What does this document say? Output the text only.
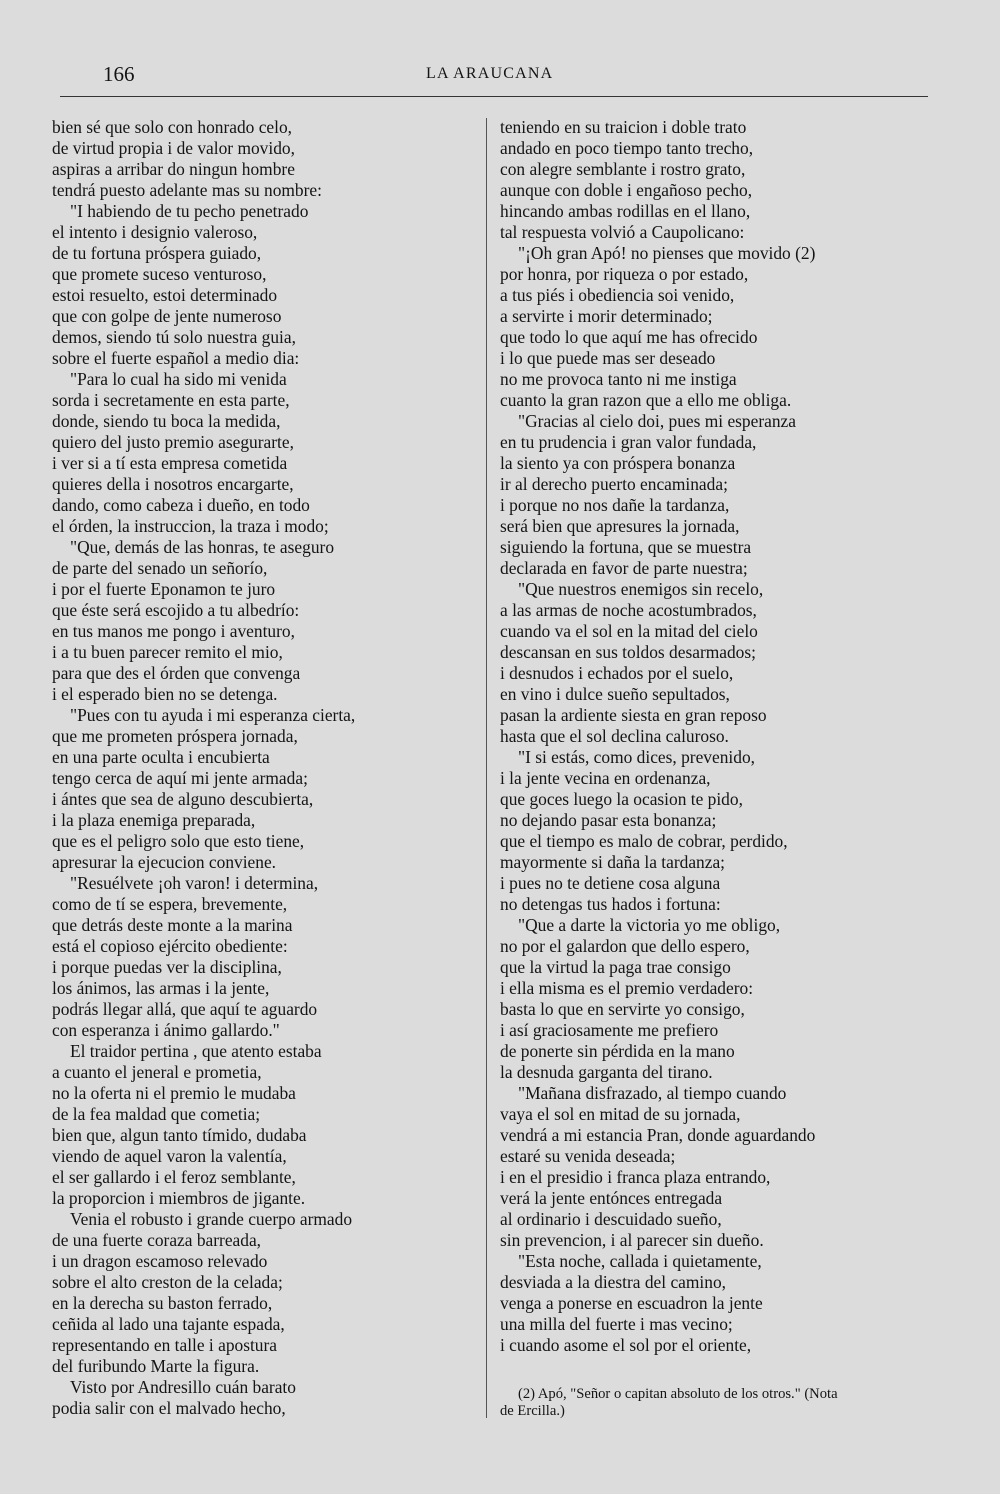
166	LA ARAUCANA
bien sé que solo con honrado celo,
de virtud propia i de valor movido,
aspiras a arribar do ningun hombre
tendrá puesto adelante mas su nombre:
"I habiendo de tu pecho penetrado
el intento i designio valeroso,
de tu fortuna próspera guiado,
que promete suceso venturoso,
estoi resuelto, estoi determinado
que con golpe de jente numeroso
demos, siendo tú solo nuestra guia,
sobre el fuerte español a medio dia:
"Para lo cual ha sido mi venida
sorda i secretamente en esta parte,
donde, siendo tu boca la medida,
quiero del justo premio asegurarte,
i ver si a tí esta empresa cometida
quieres della i nosotros encargarte,
dando, como cabeza i dueño, en todo
el órden, la instruccion, la traza i modo;
"Que, demás de las honras, te aseguro
de parte del senado un señorío,
i por el fuerte Eponamon te juro
que éste será escojido a tu albedrío:
en tus manos me pongo i aventuro,
i a tu buen parecer remito el mio,
para que des el órden que convenga
i el esperado bien no se detenga.
"Pues con tu ayuda i mi esperanza cierta,
que me prometen próspera jornada,
en una parte oculta i encubierta
tengo cerca de aquí mi jente armada;
i ántes que sea de alguno descubierta,
i la plaza enemiga preparada,
que es el peligro solo que esto tiene,
apresurar la ejecucion conviene.
"Resuélvete ¡oh varon! i determina,
como de tí se espera, brevemente,
que detrás deste monte a la marina
está el copioso ejército obediente:
i porque puedas ver la disciplina,
los ánimos, las armas i la jente,
podrás llegar allá, que aquí te aguardo
con esperanza i ánimo gallardo."
El traidor pertina , que atento estaba
a cuanto el jeneral e prometia,
no la oferta ni el premio le mudaba
de la fea maldad que cometia;
bien que, algun tanto tímido, dudaba
viendo de aquel varon la valentía,
el ser gallardo i el feroz semblante,
la proporcion i miembros de jigante.
Venia el robusto i grande cuerpo armado
de una fuerte coraza barreada,
i un dragon escamoso relevado
sobre el alto creston de la celada;
en la derecha su baston ferrado,
ceñida al lado una tajante espada,
representando en talle i apostura
del furibundo Marte la figura.
Visto por Andresillo cuán barato
podia salir con el malvado hecho,
teniendo en su traicion i doble trato
andado en poco tiempo tanto trecho,
con alegre semblante i rostro grato,
aunque con doble i engañoso pecho,
hincando ambas rodillas en el llano,
tal respuesta volvió a Caupolicano:
"¡Oh gran Apó! no pienses que movido (2)
por honra, por riqueza o por estado,
a tus piés i obediencia soi venido,
a servirte i morir determinado;
que todo lo que aquí me has ofrecido
i lo que puede mas ser deseado
no me provoca tanto ni me instiga
cuanto la gran razon que a ello me obliga.
"Gracias al cielo doi, pues mi esperanza
en tu prudencia i gran valor fundada,
la siento ya con próspera bonanza
ir al derecho puerto encaminada;
i porque no nos dañe la tardanza,
será bien que apresures la jornada,
siguiendo la fortuna, que se muestra
declarada en favor de parte nuestra;
"Que nuestros enemigos sin recelo,
a las armas de noche acostumbrados,
cuando va el sol en la mitad del cielo
descansan en sus toldos desarmados;
i desnudos i echados por el suelo,
en vino i dulce sueño sepultados,
pasan la ardiente siesta en gran reposo
hasta que el sol declina caluroso.
"I si estás, como dices, prevenido,
i la jente vecina en ordenanza,
que goces luego la ocasion te pido,
no dejando pasar esta bonanza;
que el tiempo es malo de cobrar, perdido,
mayormente si daña la tardanza;
i pues no te detiene cosa alguna
no detengas tus hados i fortuna:
"Que a darte la victoria yo me obligo,
no por el galardon que dello espero,
que la virtud la paga trae consigo
i ella misma es el premio verdadero:
basta lo que en servirte yo consigo,
i así graciosamente me prefiero
de ponerte sin pérdida en la mano
la desnuda garganta del tirano.
"Mañana disfrazado, al tiempo cuando
vaya el sol en mitad de su jornada,
vendrá a mi estancia Pran, donde aguardando
estaré su venida deseada;
i en el presidio i franca plaza entrando,
verá la jente entónces entregada
al ordinario i descuidado sueño,
sin prevencion, i al parecer sin dueño.
"Esta noche, callada i quietamente,
desviada a la diestra del camino,
venga a ponerse en escuadron la jente
una milla del fuerte i mas vecino;
i cuando asome el sol por el oriente,
(2) Apó, "Señor o capitan absoluto de los otros." (Nota
de Ercilla.)
